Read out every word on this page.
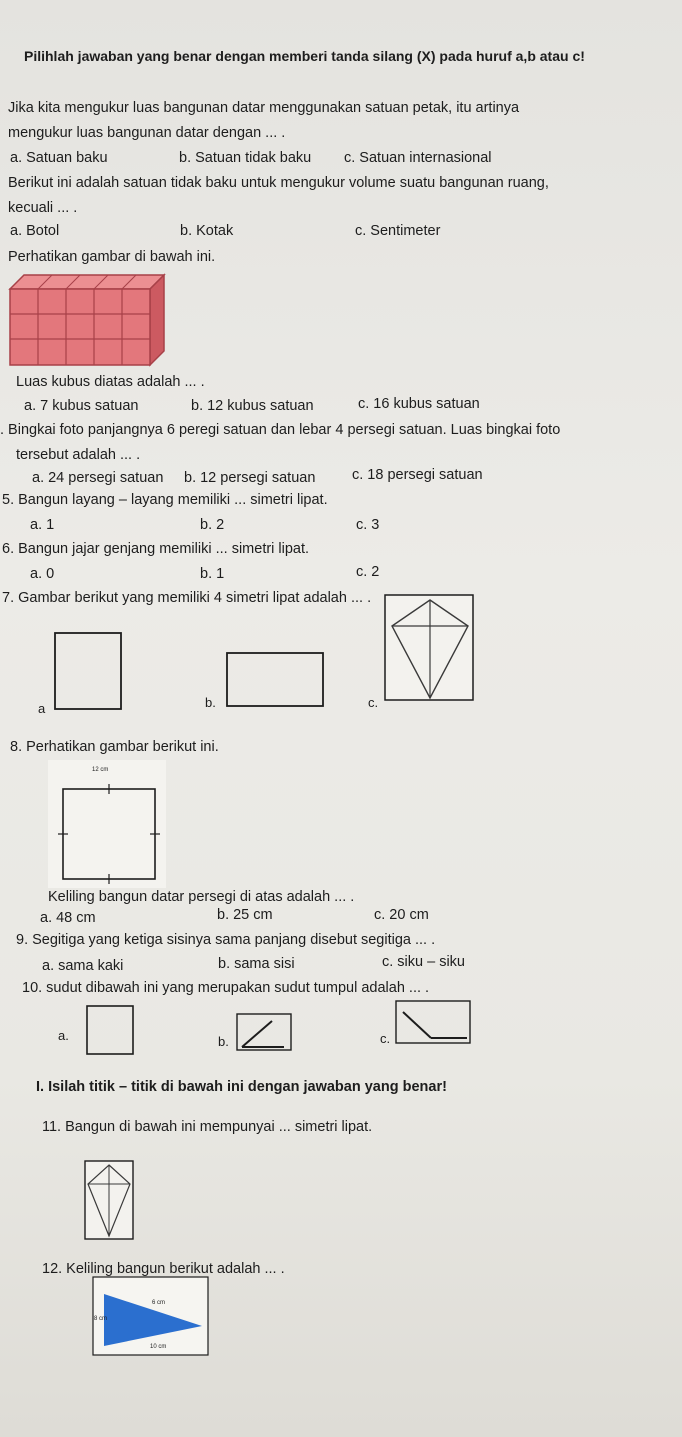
Pilihlah jawaban yang benar dengan memberi tanda silang (X) pada huruf a,b atau c!
Jika kita mengukur luas bangunan datar menggunakan satuan petak, itu artinya
mengukur luas bangunan datar dengan ... .
a. Satuan baku	b. Satuan tidak baku c. Satuan internasional
Berikut ini adalah satuan tidak baku untuk mengukur volume suatu bangunan ruang,
kecuali ... .
a. Botol	b. Kotak	c. Sentimeter
Perhatikan gambar di bawah ini.
Luas kubus diatas adalah ... .
a. 7 kubus satuan	b. 12 kubus satuan	c. 16 kubus satuan
. Bingkai foto panjangnya 6 peregi satuan dan lebar 4 persegi satuan. Luas bingkai foto
tersebut adalah ... .
a. 24 persegi satuan b. 12 persegi satuan	c. 18 persegi satuan
5. Bangun layang – layang memiliki ... simetri lipat.
a. 1	b. 2	c. 3
6. Bangun jajar genjang memiliki ... simetri lipat.
a. 0	b. 1	c. 2
7. Gambar berikut yang memiliki 4 simetri lipat adalah ... .
a	b.	c.
8. Perhatikan gambar berikut ini.
12 cm
Keliling bangun datar persegi di atas adalah ... .
a. 48 cm	b. 25 cm	c. 20 cm
9. Segitiga yang ketiga sisinya sama panjang disebut segitiga ... .
a. sama kaki	b. sama sisi	c. siku – siku
10. sudut dibawah ini yang merupakan sudut tumpul adalah ... .
a.	b.	c.
I. Isilah titik – titik di bawah ini dengan jawaban yang benar!
11. Bangun di bawah ini mempunyai ... simetri lipat.
12. Keliling bangun berikut adalah ... .
6 cm
8 cm
10 cm
